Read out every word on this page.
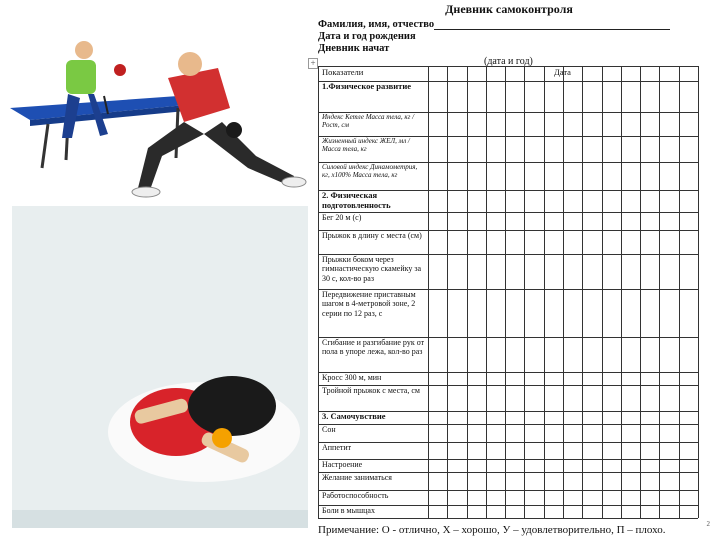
Дневник самоконтроля
Фамилия, имя, отчество
Дата и год рождения
Дневник начат
+	(дата и год)
Показатели	Дата
1.Физическое развитие
Индекс Кетле Масса тела, кг / Рост, см
Жизненный индекс ЖЕЛ, мл / Масса тела, кг
Силовой индекс Динамометрия, кг, х100% Масса тела, кг
2. Физическая подготовленность
Бег 20 м (с)
Прыжок в длину с места (см)
Прыжки боком через гимнастическую скамейку за 30 с, кол-во раз
Передвижение приставным шагом в 4-метровой зоне, 2 серии по 12 раз, с
Сгибание и разгибание рук от пола в упоре лежа, кол-во раз
Кросс 300 м, мин
Тройной прыжок с места, см
3. Самочувствие
Сон
Аппетит
Настроение
Желание заниматься
Работоспособность
Боли в мышцах
Примечание: О - отлично, Х – хорошо, У – удовлетворительно, П – плохо.	2
